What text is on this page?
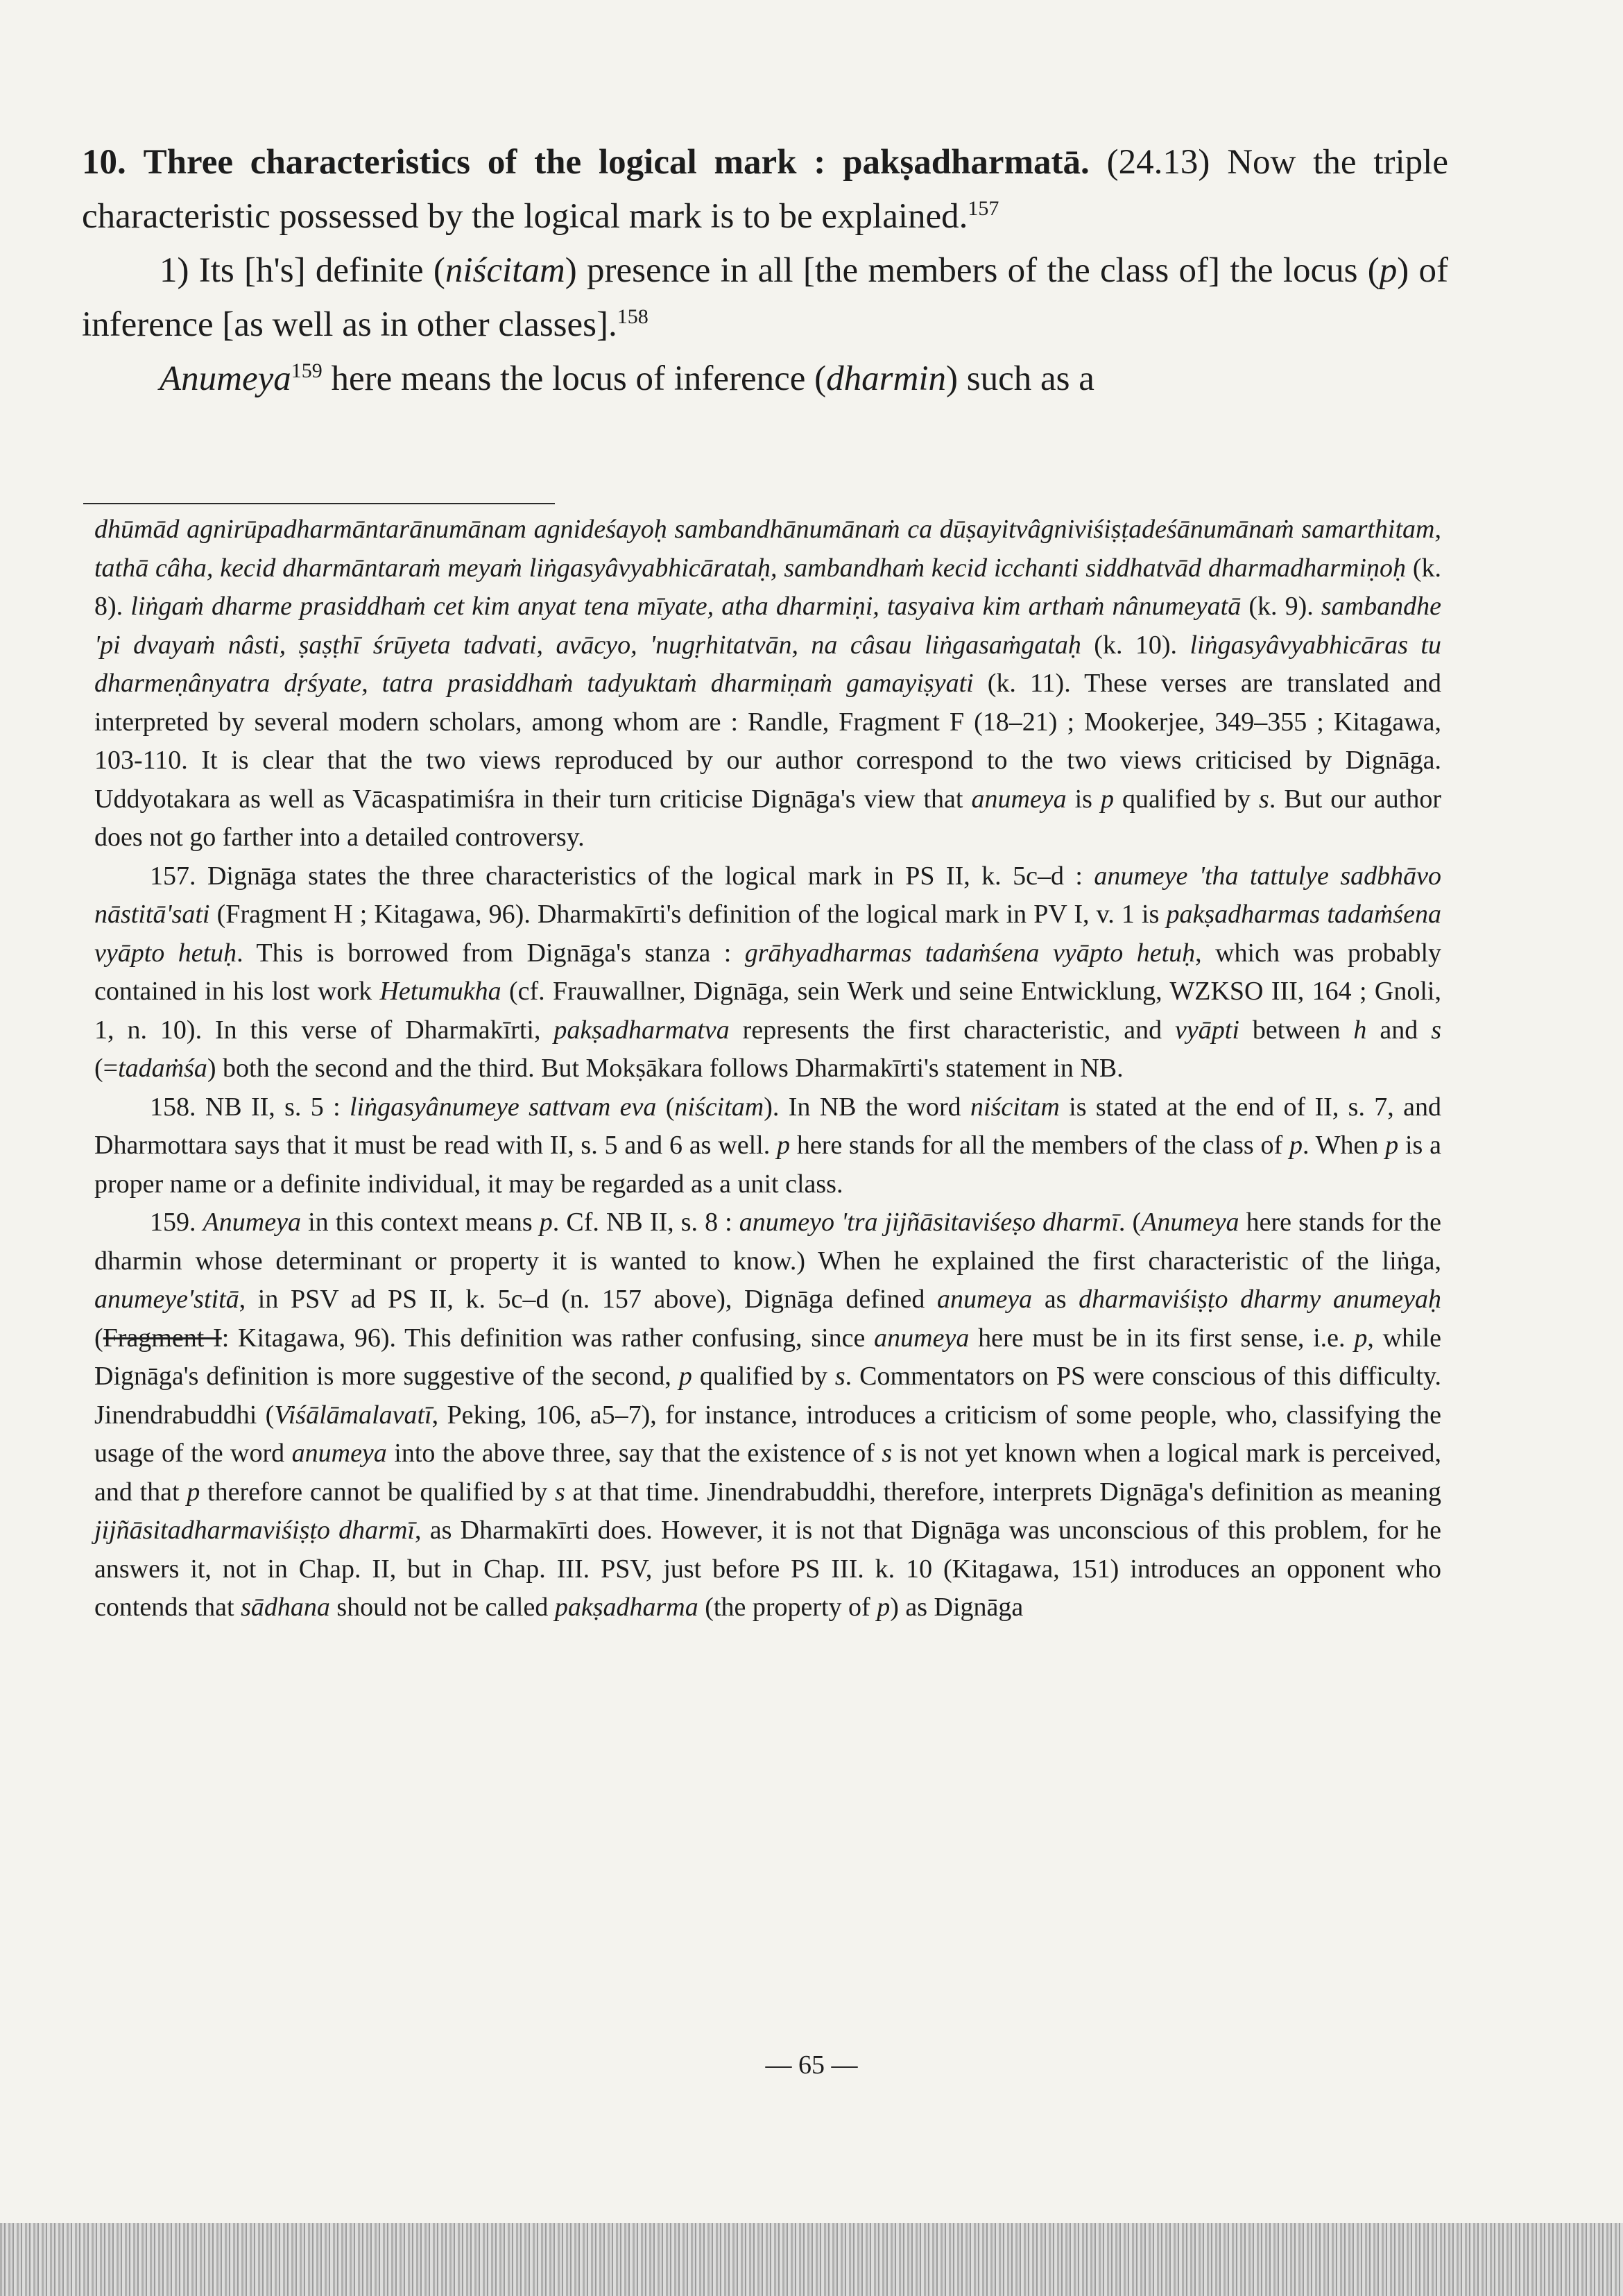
10. Three characteristics of the logical mark : pakṣadharmatā. (24.13) Now the triple characteristic possessed by the logical mark is to be explained.$^{157}$

1) Its [h's] definite (niścitam) presence in all [the members of the class of] the locus (p) of inference [as well as in other classes].$^{158}$

Anumeya$^{159}$ here means the locus of inference (dharmin) such as a

dhūmād agnirūpadharmāntarānumānam agnideśayoḥ sambandhānumānaṁ ca dūṣayitvâgniviśiṣṭadeśānumānaṁ samarthitam, tathā câha, kecid dharmāntaraṁ meyaṁ liṅgasyâvyabhicārataḥ, sambandhaṁ kecid icchanti siddhatvād dharmadharmiṇoḥ (k. 8). liṅgaṁ dharme prasiddhaṁ cet kim anyat tena mīyate, atha dharmiṇi, tasyaiva kim arthaṁ nânumeyatā (k. 9). sambandhe 'pi dvayaṁ nâsti, ṣaṣṭhī śrūyeta tadvati, avācyo, 'nugṛhitatvān, na câsau liṅgasaṁgataḥ (k. 10). liṅgasyâvyabhicāras tu dharmeṇânyatra dṛśyate, tatra prasiddhaṁ tadyuktaṁ dharmiṇaṁ gamayiṣyati (k. 11). These verses are translated and interpreted by several modern scholars, among whom are : Randle, Fragment F (18–21) ; Mookerjee, 349–355 ; Kitagawa, 103-110. It is clear that the two views reproduced by our author correspond to the two views criticised by Dignāga. Uddyotakara as well as Vācaspatimiśra in their turn criticise Dignāga's view that anumeya is p qualified by s. But our author does not go farther into a detailed controversy.

157. Dignāga states the three characteristics of the logical mark in PS II, k. 5c–d : anumeye 'tha tattulye sadbhāvo nāstitā'sati (Fragment H ; Kitagawa, 96). Dharmakīrti's definition of the logical mark in PV I, v. 1 is pakṣadharmas tadaṁśena vyāpto hetuḥ. This is borrowed from Dignāga's stanza : grāhyadharmas tadaṁśena vyāpto hetuḥ, which was probably contained in his lost work Hetumukha (cf. Frauwallner, Dignāga, sein Werk und seine Entwicklung, WZKSO III, 164 ; Gnoli, 1, n. 10). In this verse of Dharmakīrti, pakṣadharmatva represents the first characteristic, and vyāpti between h and s (=tadaṁśa) both the second and the third. But Mokṣākara follows Dharmakīrti's statement in NB.

158. NB II, s. 5 : liṅgasyânumeye sattvam eva (niścitam). In NB the word niścitam is stated at the end of II, s. 7, and Dharmottara says that it must be read with II, s. 5 and 6 as well. p here stands for all the members of the class of p. When p is a proper name or a definite individual, it may be regarded as a unit class.

159. Anumeya in this context means p. Cf. NB II, s. 8 : anumeyo 'tra jijñāsitaviśeṣo dharmī. (Anumeya here stands for the dharmin whose determinant or property it is wanted to know.) When he explained the first characteristic of the liṅga, anumeye'stitā, in PSV ad PS II, k. 5c–d (n. 157 above), Dignāga defined anumeya as dharmaviśiṣṭo dharmy anumeyaḥ (Fragment I: Kitagawa, 96). This definition was rather confusing, since anumeya here must be in its first sense, i.e. p, while Dignāga's definition is more suggestive of the second, p qualified by s. Commentators on PS were conscious of this difficulty. Jinendrabuddhi (Viśālāmalavatī, Peking, 106, a5–7), for instance, introduces a criticism of some people, who, classifying the usage of the word anumeya into the above three, say that the existence of s is not yet known when a logical mark is perceived, and that p therefore cannot be qualified by s at that time. Jinendrabuddhi, therefore, interprets Dignāga's definition as meaning jijñāsitadharmaviśiṣṭo dharmī, as Dharmakīrti does. However, it is not that Dignāga was unconscious of this problem, for he answers it, not in Chap. II, but in Chap. III. PSV, just before PS III. k. 10 (Kitagawa, 151) introduces an opponent who contends that sādhana should not be called pakṣadharma (the property of p) as Dignāga

— 65 —
